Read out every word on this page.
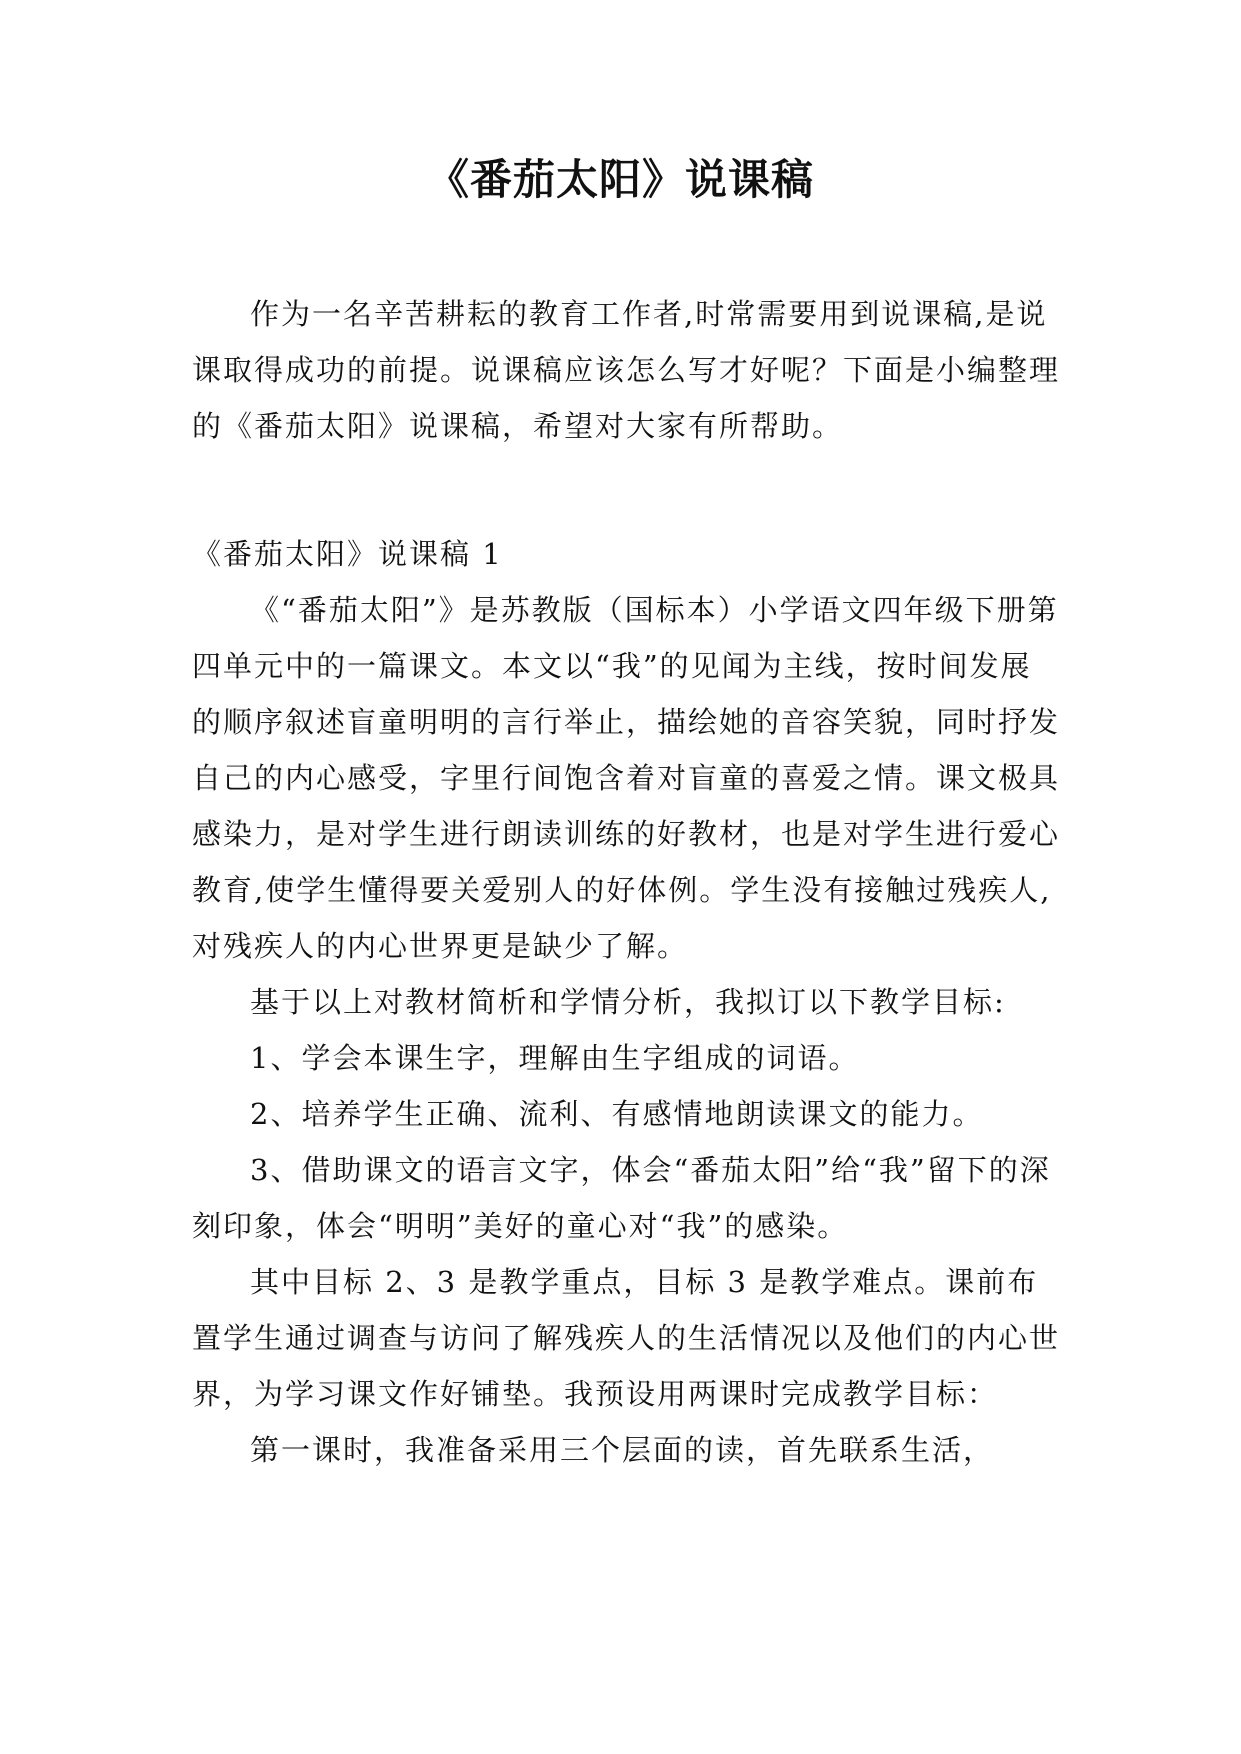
《番茄太阳》说课稿

作为一名辛苦耕耘的教育工作者,时常需要用到说课稿,是说课取得成功的前提。说课稿应该怎么写才好呢？下面是小编整理的《番茄太阳》说课稿，希望对大家有所帮助。

《番茄太阳》说课稿 1

《“番茄太阳”》是苏教版（国标本）小学语文四年级下册第四单元中的一篇课文。本文以“我”的见闻为主线，按时间发展的顺序叙述盲童明明的言行举止，描绘她的音容笑貌，同时抒发自己的内心感受，字里行间饱含着对盲童的喜爱之情。课文极具感染力，是对学生进行朗读训练的好教材，也是对学生进行爱心教育,使学生懂得要关爱别人的好体例。学生没有接触过残疾人,对残疾人的内心世界更是缺少了解。

基于以上对教材简析和学情分析，我拟订以下教学目标:

1、学会本课生字，理解由生字组成的词语。

2、培养学生正确、流利、有感情地朗读课文的能力。

3、借助课文的语言文字，体会“番茄太阳”给“我”留下的深刻印象，体会“明明”美好的童心对“我”的感染。

其中目标 2、3 是教学重点，目标 3 是教学难点。课前布置学生通过调查与访问了解残疾人的生活情况以及他们的内心世界，为学习课文作好铺垫。我预设用两课时完成教学目标：

第一课时，我准备采用三个层面的读，首先联系生活，
